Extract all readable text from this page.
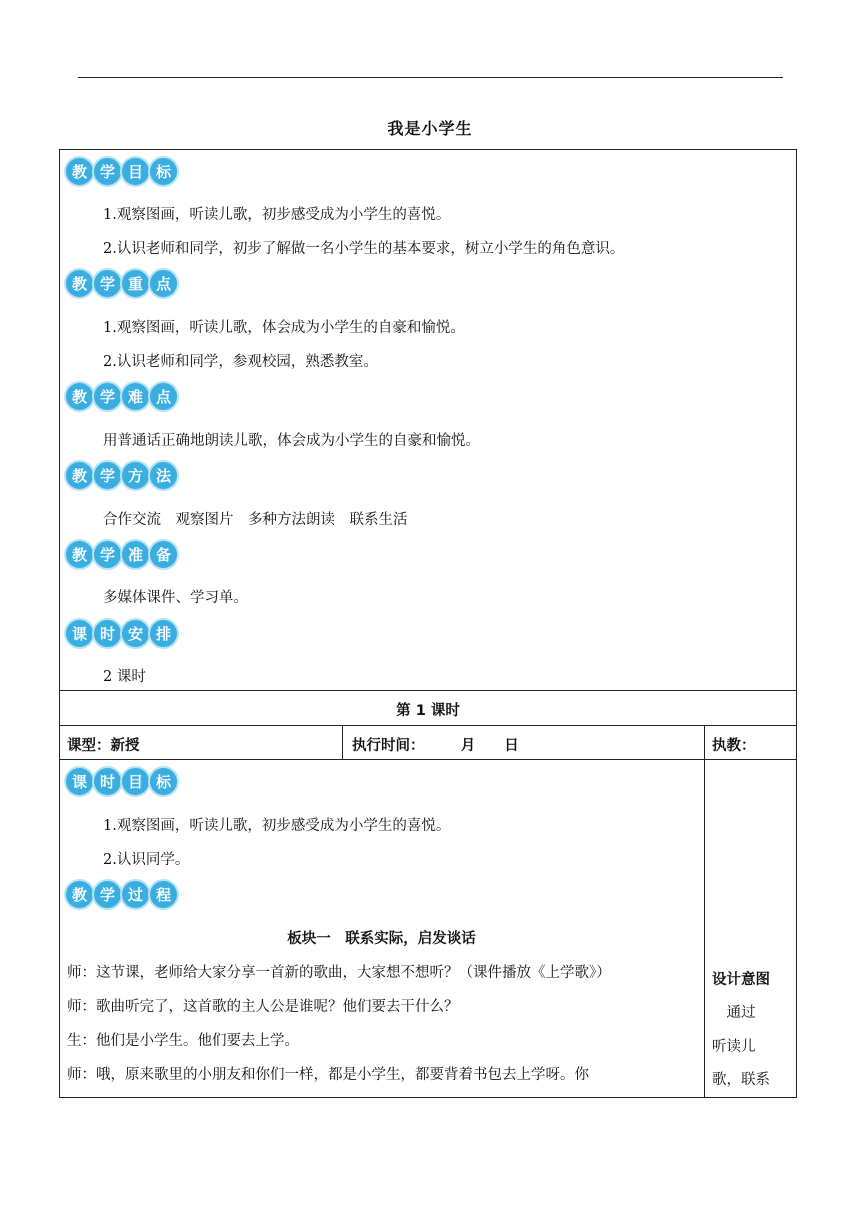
我是小学生
教 学 目 标
1.观察图画，听读儿歌，初步感受成为小学生的喜悦。
2.认识老师和同学，初步了解做一名小学生的基本要求，树立小学生的角色意识。
教 学 重 点
1.观察图画，听读儿歌，体会成为小学生的自豪和愉悦。
2.认识老师和同学，参观校园，熟悉教室。
教 学 难 点
用普通话正确地朗读儿歌，体会成为小学生的自豪和愉悦。
教 学 方 法
合作交流　观察图片　多种方法朗读　联系生活
教 学 准 备
多媒体课件、学习单。
课 时 安 排
2 课时
第 1 课时
课型：新授	执行时间：　　　月　　日	执教：
课 时 目 标
1.观察图画，听读儿歌，初步感受成为小学生的喜悦。
2.认识同学。
教 学 过 程
板块一　联系实际，启发谈话
师：这节课，老师给大家分享一首新的歌曲，大家想不想听？（课件播放《上学歌》）
师：歌曲听完了，这首歌的主人公是谁呢？他们要去干什么？
生：他们是小学生。他们要去上学。
师：哦，原来歌里的小朋友和你们一样，都是小学生，都要背着书包去上学呀。你
设计意图
　通过
听读儿
歌，联系
